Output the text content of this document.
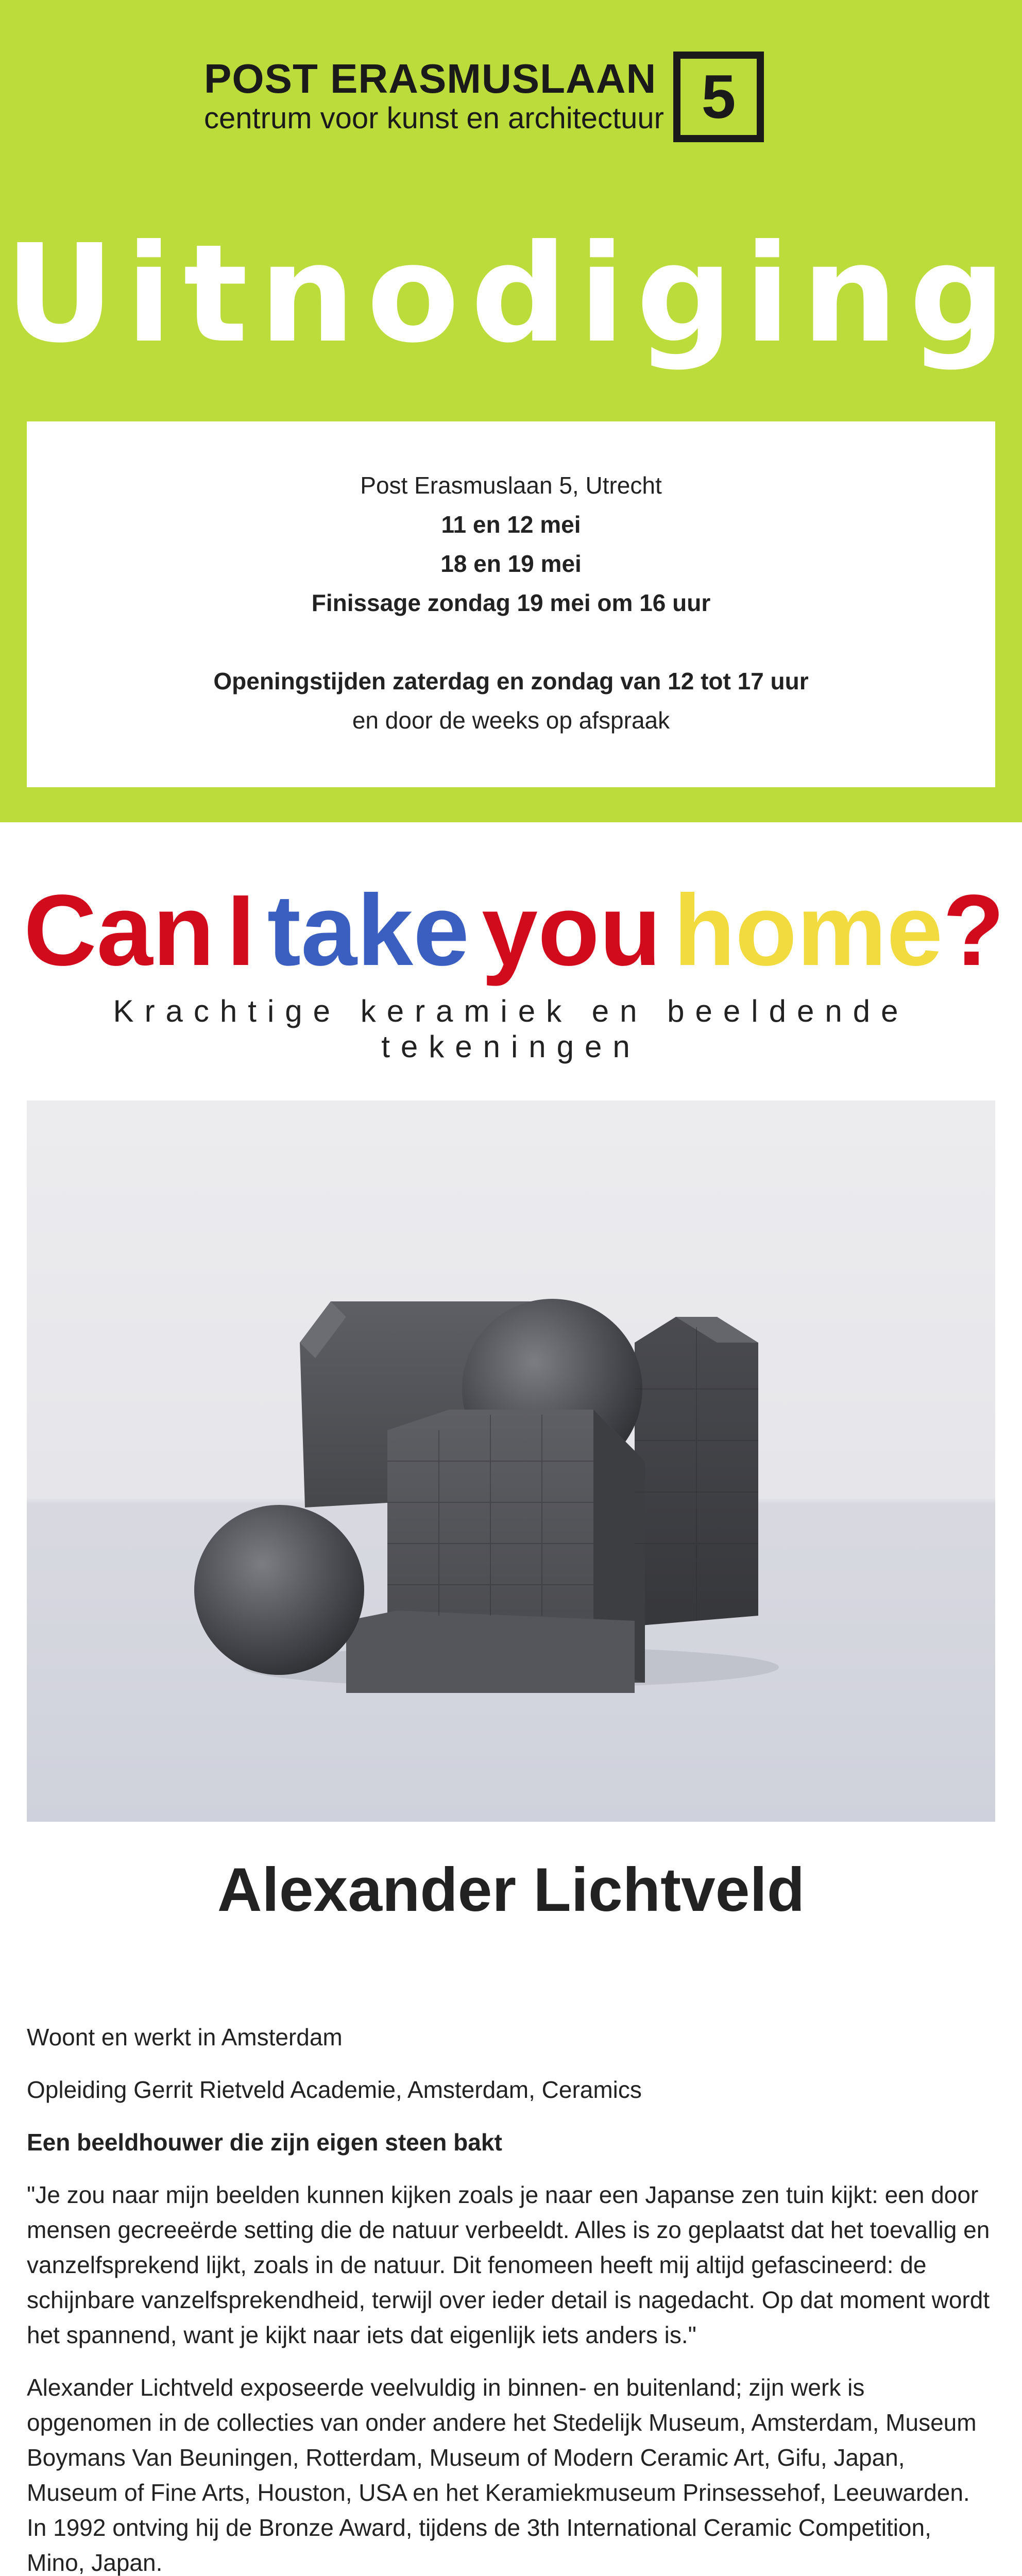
POST ERASMUSLAAN
centrum voor kunst en architectuur 5
Uitnodiging

Post Erasmuslaan 5, Utrecht

11 en 12 mei

18 en 19 mei

Finissage zondag 19 mei om 16 uur

Openingstijden zaterdag en zondag van 12 tot 17 uur

en door de weeks op afspraak

Can I take you home?

Krachtige keramiek en beeldende tekeningen

Alexander Lichtveld

Woont en werkt in Amsterdam

Opleiding Gerrit Rietveld Academie, Amsterdam, Ceramics

Een beeldhouwer die zijn eigen steen bakt

"Je zou naar mijn beelden kunnen kijken zoals je naar een Japanse zen tuin kijkt: een door mensen gecreeërde setting die de natuur verbeeldt. Alles is zo geplaatst dat het toevallig en vanzelfsprekend lijkt, zoals in de natuur. Dit fenomeen heeft mij altijd gefascineerd: de schijnbare vanzelfsprekendheid, terwijl over ieder detail is nagedacht. Op dat moment wordt het spannend, want je kijkt naar iets dat eigenlijk iets anders is."

Alexander Lichtveld exposeerde veelvuldig in binnen- en buitenland; zijn werk is opgenomen in de collecties van onder andere het Stedelijk Museum, Amsterdam, Museum Boymans Van Beuningen, Rotterdam, Museum of Modern Ceramic Art, Gifu, Japan, Museum of Fine Arts, Houston, USA en het Keramiekmuseum Prinsessehof, Leeuwarden. In 1992 ontving hij de Bronze Award, tijdens de 3th International Ceramic Competition, Mino, Japan.
